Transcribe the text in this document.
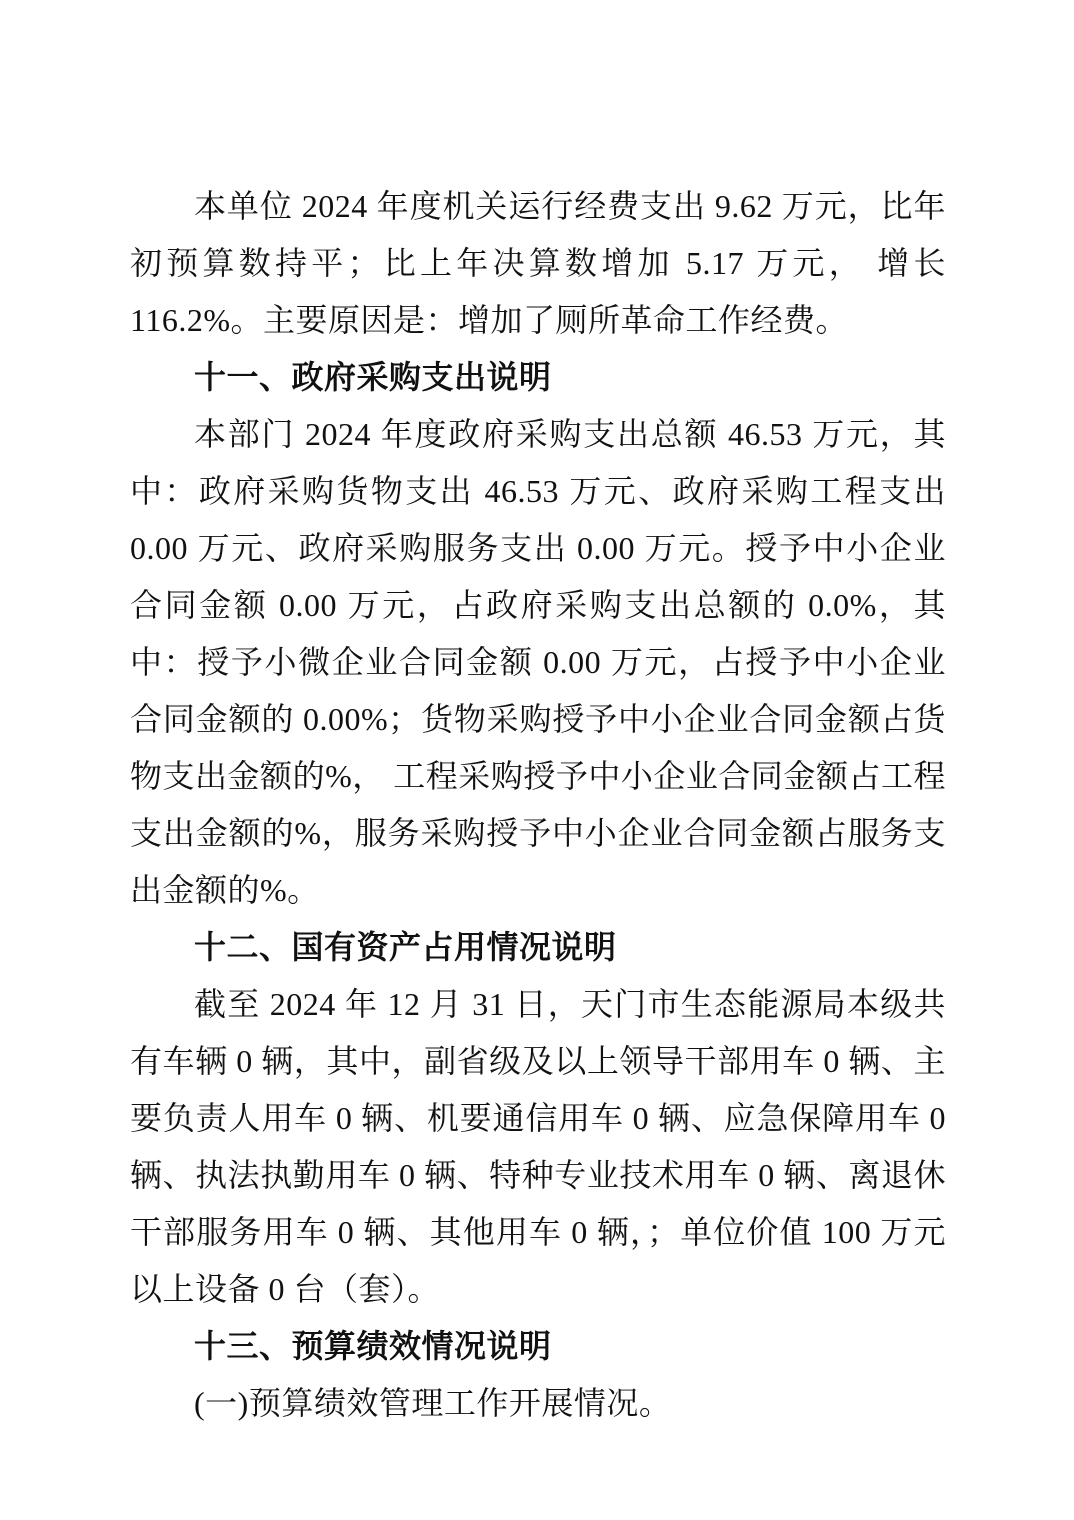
本单位 2024 年度机关运行经费支出 9.62 万元，比年初预算数持平；比上年决算数增加 5.17 万元， 增长 116.2%。主要原因是：增加了厕所革命工作经费。

十一、政府采购支出说明

本部门 2024 年度政府采购支出总额 46.53 万元，其中：政府采购货物支出 46.53 万元、政府采购工程支出 0.00 万元、政府采购服务支出 0.00 万元。授予中小企业合同金额 0.00 万元，占政府采购支出总额的 0.0%，其中：授予小微企业合同金额 0.00 万元，占授予中小企业合同金额的 0.00%；货物采购授予中小企业合同金额占货物支出金额的%， 工程采购授予中小企业合同金额占工程支出金额的%，服务采购授予中小企业合同金额占服务支出金额的%。

十二、国有资产占用情况说明

截至 2024 年 12 月 31 日，天门市生态能源局本级共有车辆 0 辆，其中，副省级及以上领导干部用车 0 辆、主要负责人用车 0 辆、机要通信用车 0 辆、应急保障用车 0 辆、执法执勤用车 0 辆、特种专业技术用车 0 辆、离退休干部服务用车 0 辆、其他用车 0 辆，；单位价值 100 万元以上设备 0 台（套）。

十三、预算绩效情况说明

(一)预算绩效管理工作开展情况。
